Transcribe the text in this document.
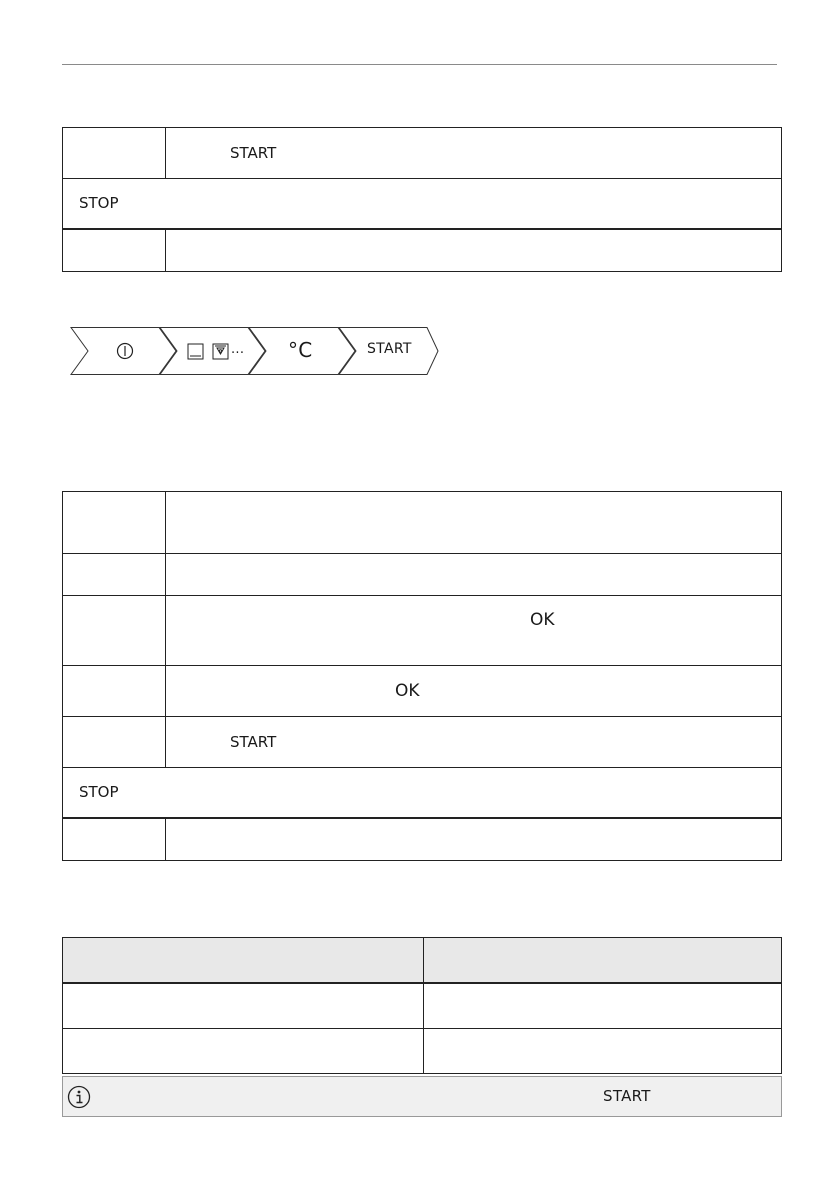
	START
STOP	

... °C	START

	OK
	OK
	START
STOP	

START
